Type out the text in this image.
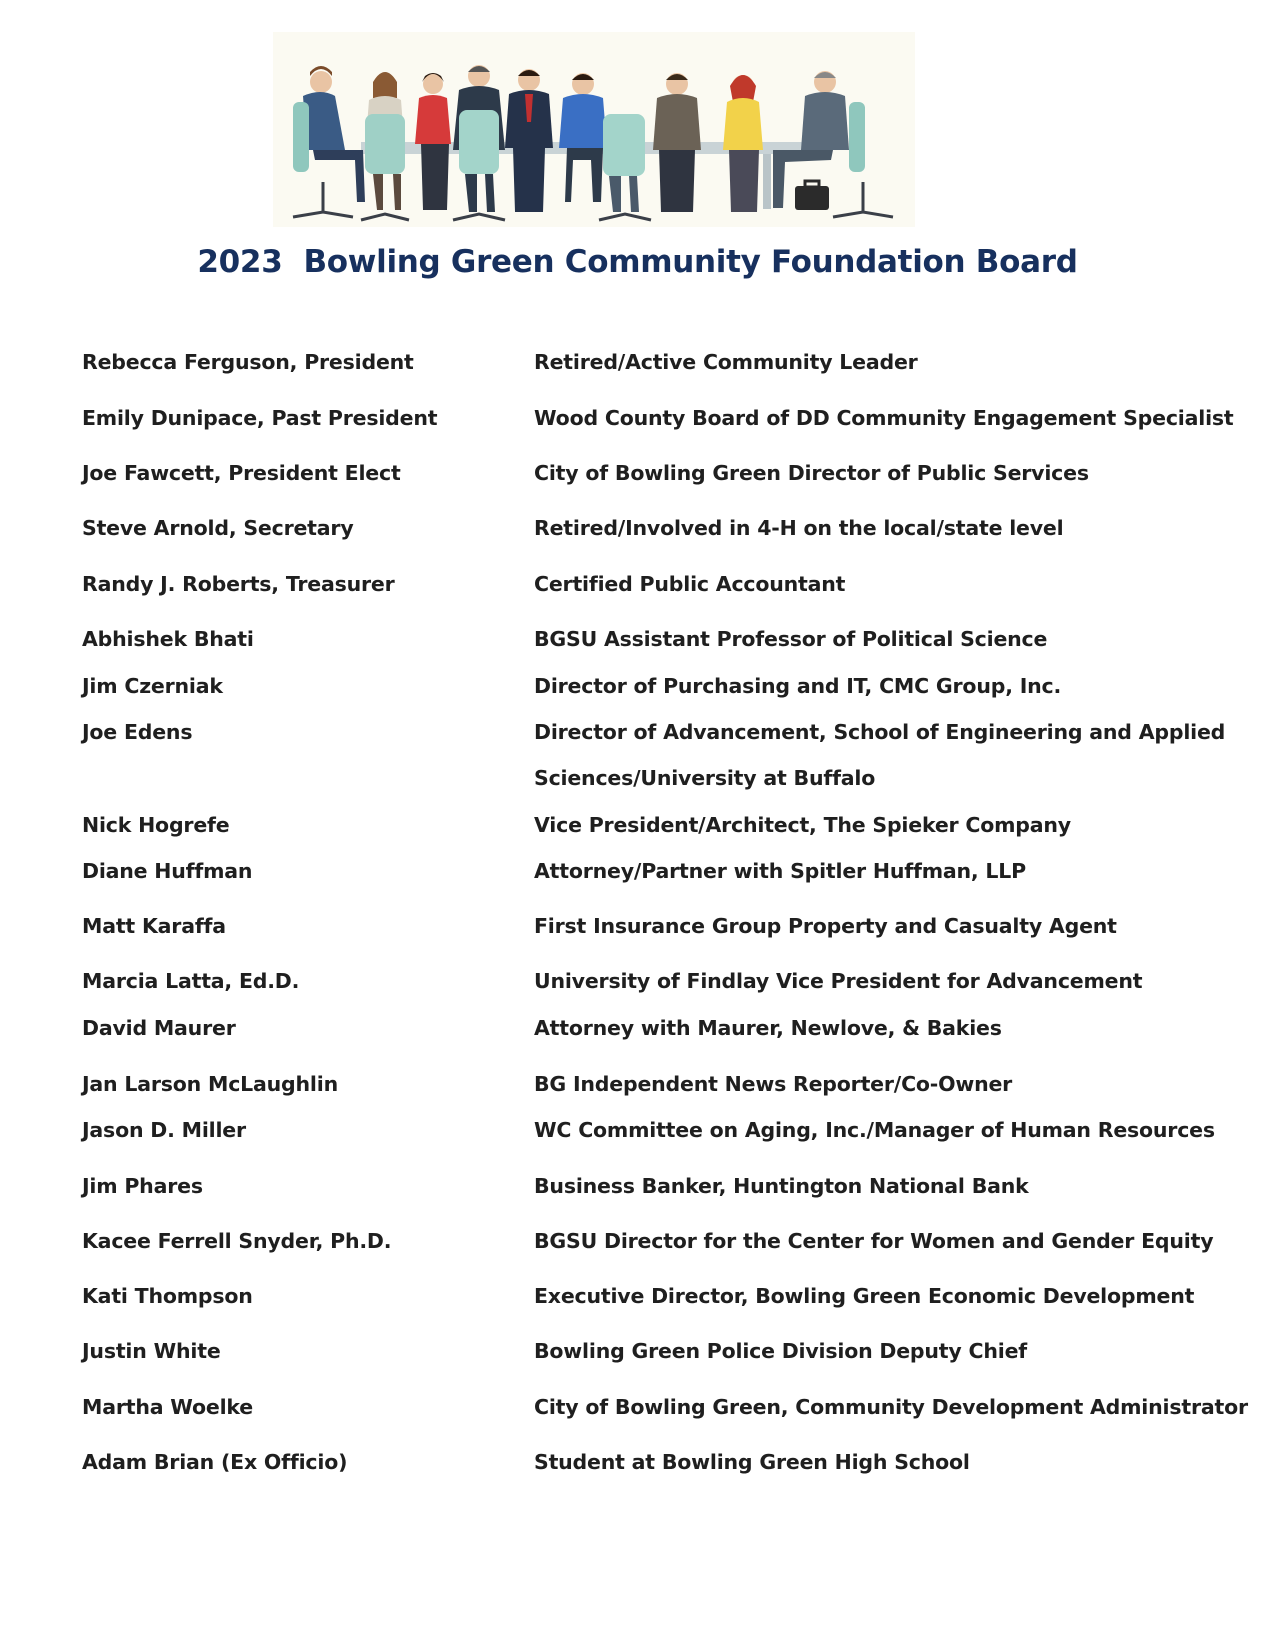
2023  Bowling Green Community Foundation Board
Rebecca Ferguson, President	Retired/Active Community Leader
Emily Dunipace, Past President	Wood County Board of DD Community Engagement Specialist
Joe Fawcett, President Elect	City of Bowling Green Director of Public Services
Steve Arnold, Secretary	Retired/Involved in 4-H on the local/state level
Randy J. Roberts, Treasurer	Certified Public Accountant
Abhishek Bhati	BGSU Assistant Professor of Political Science
Jim Czerniak	Director of Purchasing and IT, CMC Group, Inc.
Joe Edens	Director of Advancement, School of Engineering and Applied
Sciences/University at Buffalo
Nick Hogrefe	Vice President/Architect, The Spieker Company
Diane Huffman	Attorney/Partner with Spitler Huffman, LLP
Matt Karaffa	First Insurance Group Property and Casualty Agent
Marcia Latta, Ed.D.	University of Findlay Vice President for Advancement
David Maurer	Attorney with Maurer, Newlove, & Bakies
Jan Larson McLaughlin	BG Independent News Reporter/Co-Owner
Jason D. Miller	WC Committee on Aging, Inc./Manager of Human Resources
Jim Phares	Business Banker, Huntington National Bank
Kacee Ferrell Snyder, Ph.D.	BGSU Director for the Center for Women and Gender Equity
Kati Thompson	Executive Director, Bowling Green Economic Development
Justin White	Bowling Green Police Division Deputy Chief
Martha Woelke	City of Bowling Green, Community Development Administrator
Adam Brian (Ex Officio)	Student at Bowling Green High School
